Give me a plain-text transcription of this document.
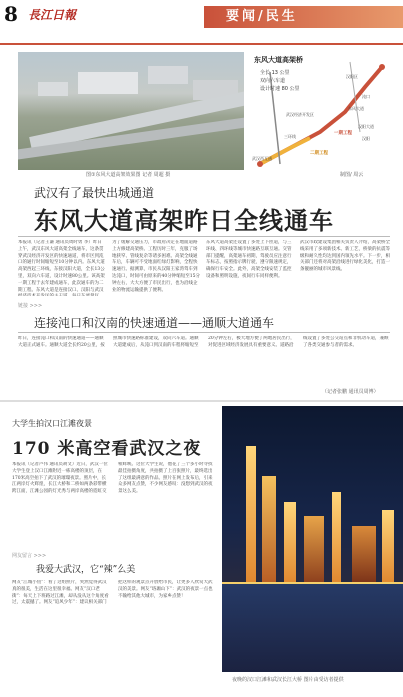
8 長江日報	要闻/民生
图①东风大道高架效果图 记者 周超 摄
东风大道高架桥
全长 13 公里
双向六车道
设计时速 80 公里
汉阳区
沌口
东风大道
武汉经济开发区
汉阳大道
汉阳
一期工程
三环线
二期工程
武汉西互通
制图/ 周云
武汉有了最快出城通道
东风大道高架昨日全线通车
本报讯（记者王谦 通讯员周时勇 李）昨日上午，武汉东风大道高架全线通车，这条贯穿武汉经济开发区的快速通道，将市区到沌口的通行时间缩短至10分钟以内。东风大道高架西起三环线，东接汉阳大道，全长13公里，双向六车道，设计时速80公里。该高架一期工程于去年建成通车，此次通车的为二期工程。东风大道是连接汉口、汉阳与武汉
为了缓解交通压力，市政府决定在地面道路上方修建高架桥。工程历时三年，克服了场地狭窄、管线复杂等诸多困难。高架全线通车后，车辆可不受地面红绿灯影响，全程快速通行。据测算，市民从汉阳王家湾驾车到达沌口，时间可由原来的40分钟缩短至15分钟左右，大大方便了市民出行，也为沿线企业的物流运输提供了便利。
东风大道高架还设置了多处上下匝道，与三环线、四环线等城市快速路互联互通。交管部门提醒，高架通车初期，驾驶员应注意行车标志，按照指示牌行驶，遵守限速规定，确保行车安全。此外，高架全线安装了监控设备和照明设施，夜间行车同样便利。
武汉市政建设集团相关负责人介绍，高架桥全线采用了多项新技术、新工艺，桥梁的抗震等级和耐久性均达到国内领先水平。下一步，相关部门还将对高架沿线进行绿化美化，打造一条靓丽的城市风景线。
链接 >>>
连接沌口和汉南的快速通道——通顺大道通车
昨日，连接沌口和汉南的快速通道——通顺大道正式通车。通顺大道全长约20公里，按照城市快速路标准建设，双向六车道。通顺大道建成后，从沌口到汉南的车程将缩短至20分钟左右，极大地方便了两地居民出行，对促进区域经济发展具有重要意义。道路沿线设置了多处公交站点和非机动车道，兼顾了各类交通参与者的需求。
（记者张鹏 通讯员周博）
大学生拍汉口江滩夜景
170 米高空看武汉之夜
本报讯（记者卢伟 通讯员胡文）近日，武汉一位大学生登上汉口江滩附近一栋高楼的顶层，在170米高空拍下了武汉的璀璨夜景。照片中，长江两岸灯火辉煌，长江大桥和二桥如两条彩带横跨江面，江滩公园的灯光秀与两岸高楼的霓虹交相辉映。这位大学生说，他花了三个多小时寻找最佳拍摄角度，共拍摄了上百张照片，最终选出了这组最满意的作品。照片在网上发布后，引来众多网友点赞，不少网友感叹：没想到武汉的夜景这么美。
夜晚的汉口江滩和武汉长江大桥 图片由受访者提供
网友留言 >>>
我爱大武汉，它“辣”么美
网友“江城小鱼”：看了这组照片，突然觉得武汉真的很美，生活在这里很幸福。网友“汉口老街”：每天上下班路过江滩，却从没从这个角度看过，太震撼了。网友“追风少年”：建议相关部门把这样的观景点开放给市民，让更多人欣赏大武汉的美景。网友“珞珈山下”：武汉的夜景一点也不输给其他大城市，为家乡点赞！
